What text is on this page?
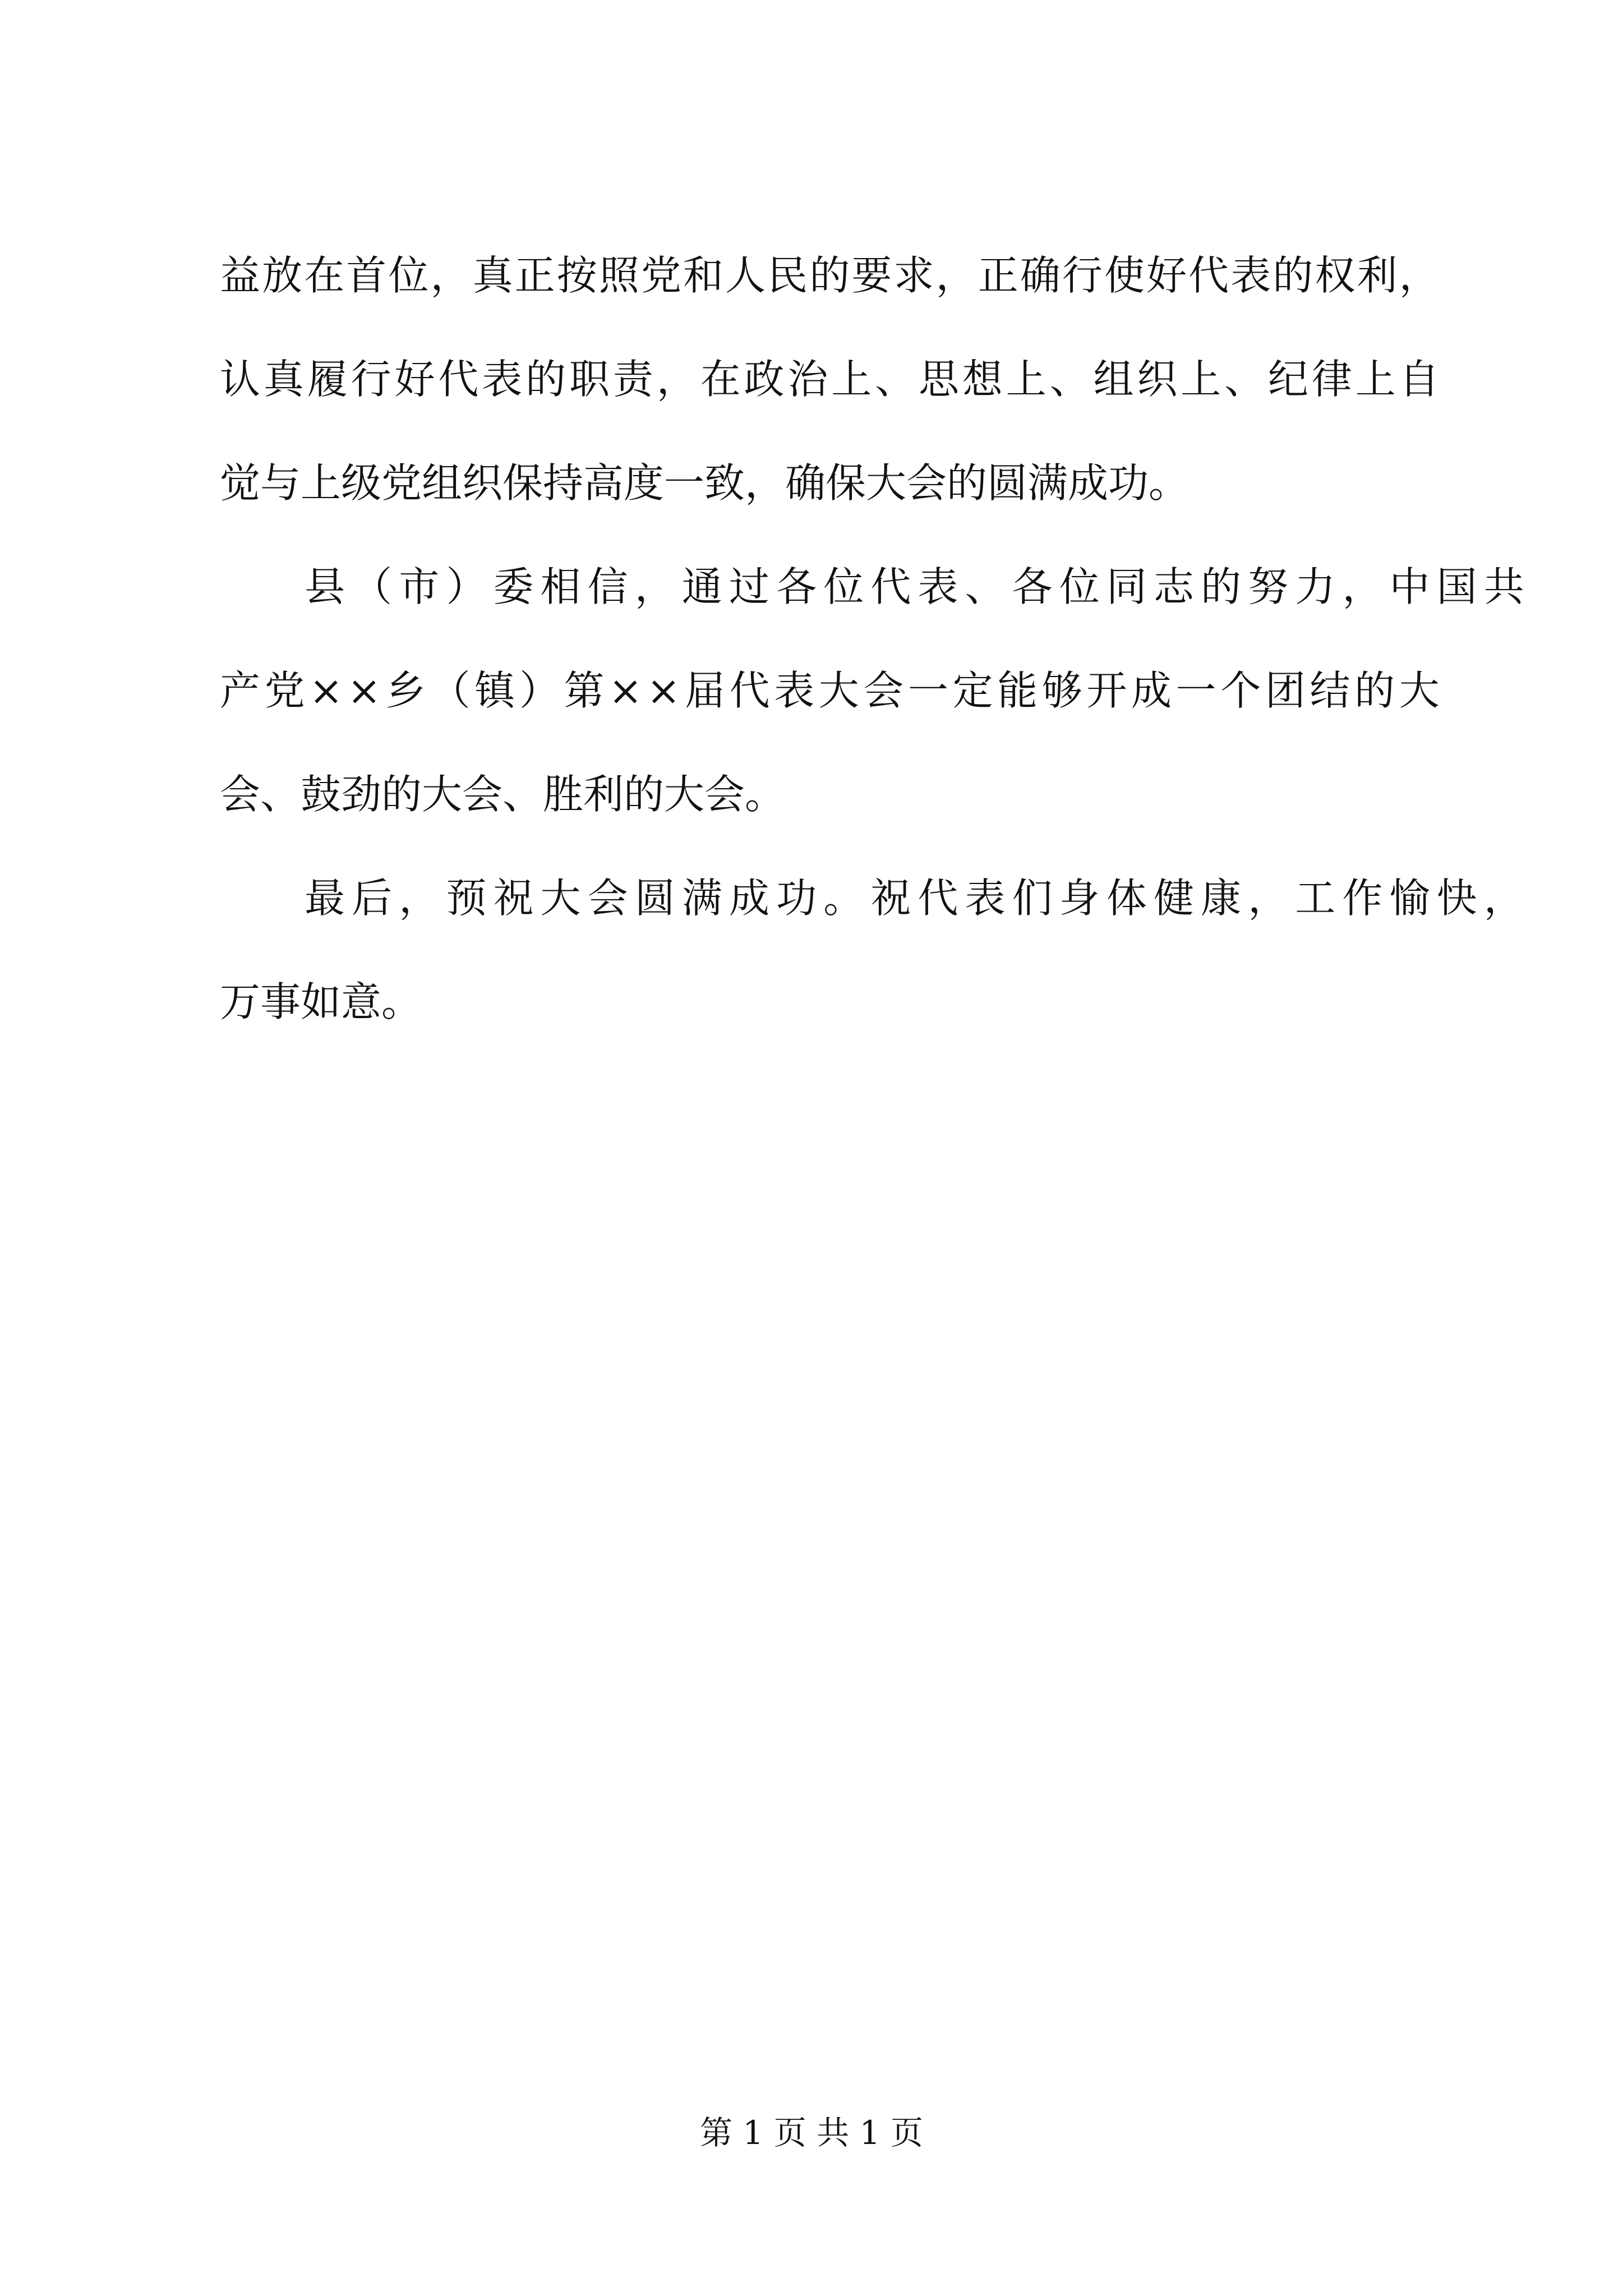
益 放 在 首 位 ， 真 正 按 照 党 和 人 民 的 要 求 ， 正 确 行 使 好 代 表 的 权 利 ，
认 真 履 行 好 代 表 的 职 责 ， 在 政 治 上 、 思 想 上 、 组 织 上 、 纪 律 上 自
觉与上级党组织保持高度一致，确保大会的圆满成功。
县 （ 市 ） 委 相 信 ， 通 过 各 位 代 表 、 各 位 同 志 的 努 力 ， 中 国 共
产 党 × × 乡 （ 镇 ） 第 × × 届 代 表 大 会 一 定 能 够 开 成 一 个 团 结 的 大
会、鼓劲的大会、胜利的大会。
最 后 ， 预 祝 大 会 圆 满 成 功 。 祝 代 表 们 身 体 健 康 ， 工 作 愉 快 ，
万事如意。
第 1 页 共 1 页
